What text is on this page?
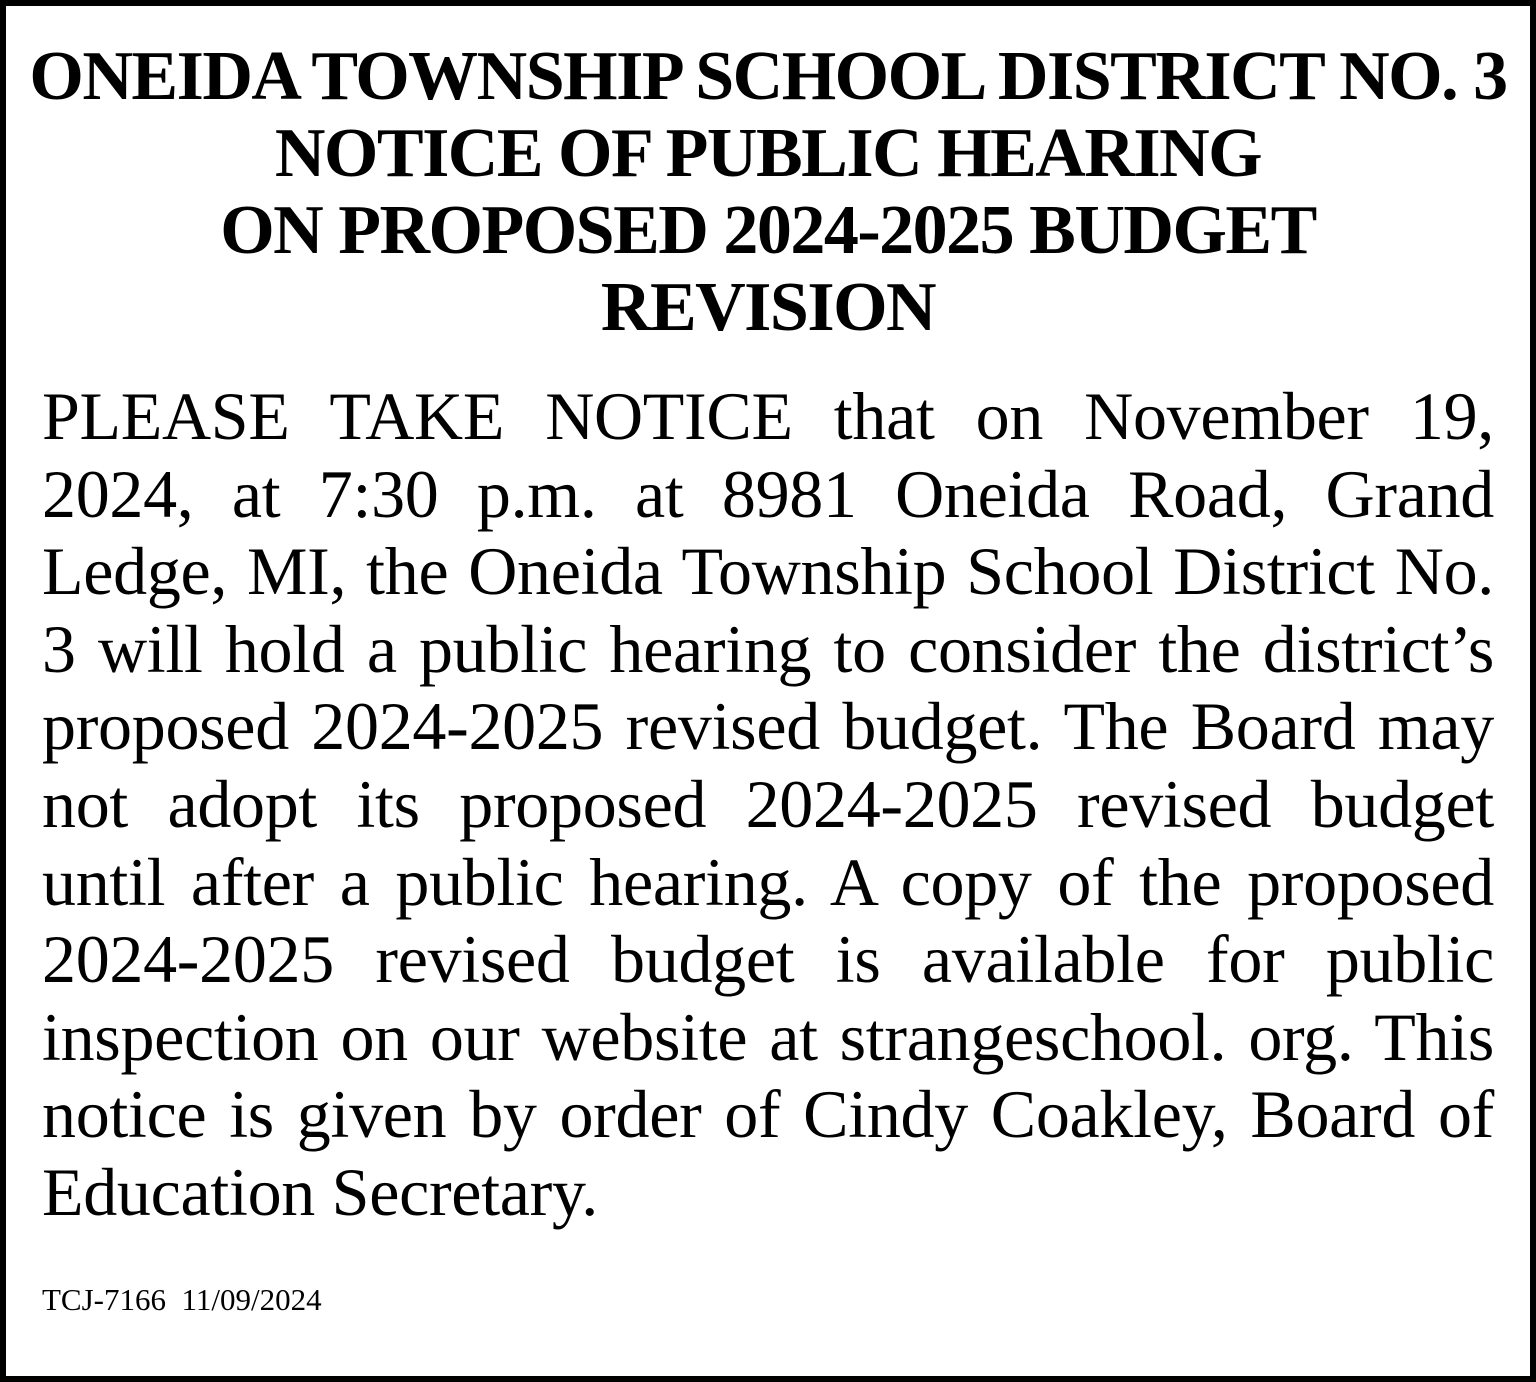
ONEIDA TOWNSHIP SCHOOL DISTRICT NO. 3
NOTICE OF PUBLIC HEARING
ON PROPOSED 2024-2025 BUDGET
REVISION

PLEASE TAKE NOTICE that on November 19, 2024, at 7:30 p.m. at 8981 Oneida Road, Grand Ledge, MI, the Oneida Township School District No. 3 will hold a public hearing to consider the district’s proposed 2024-2025 revised budget. The Board may not adopt its proposed 2024-2025 revised budget until after a public hearing. A copy of the proposed 2024-2025 revised budget is available for public inspection on our website at strangeschool. org. This notice is given by order of Cindy Coakley, Board of Education Secretary.

TCJ-7166 11/09/2024
